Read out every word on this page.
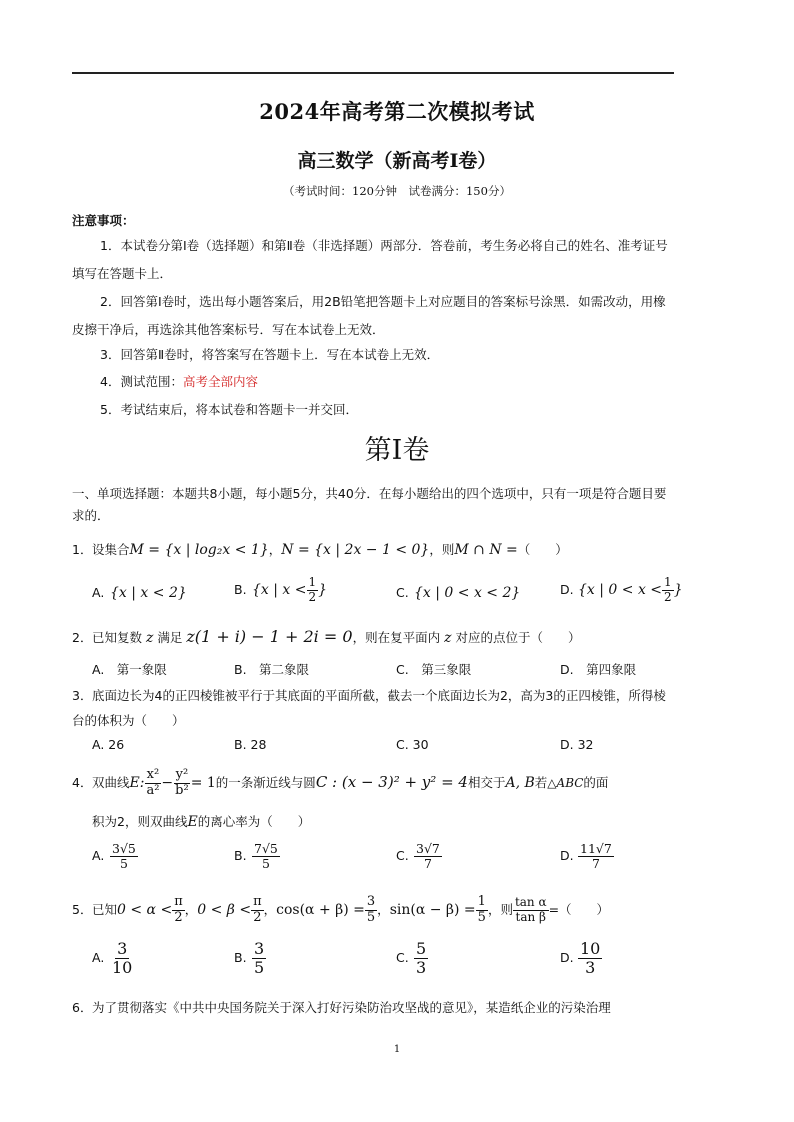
2024年高考第二次模拟考试
高三数学（新高考Ⅰ卷）
（考试时间：120分钟　试卷满分：150分）
注意事项：
1．本试卷分第Ⅰ卷（选择题）和第Ⅱ卷（非选择题）两部分．答卷前，考生务必将自己的姓名、准考证号填写在答题卡上．
2．回答第Ⅰ卷时，选出每小题答案后，用2B铅笔把答题卡上对应题目的答案标号涂黑．如需改动，用橡皮擦干净后，再选涂其他答案标号．写在本试卷上无效．
3．回答第Ⅱ卷时，将答案写在答题卡上．写在本试卷上无效．
4．测试范围：高考全部内容
5．考试结束后，将本试卷和答题卡一并交回．
第Ⅰ卷
一、单项选择题：本题共8小题，每小题5分，共40分．在每小题给出的四个选项中，只有一项是符合题目要求的．
1．设集合M = {x | log₂x < 1}，N = {x | 2x − 1 < 0}，则M ∩ N =（　　）
A. {x | x < 2}	B. {x | $x < \frac{1}{2}$ }	C. {x | 0 < x < 2}	D. {x | $0 < x < \frac{1}{2}$ }
2．已知复数 z 满足 z(1 + i) − 1 + 2i = 0，则在复平面内 z 对应的点位于（　　）
A.　第一象限	B.　第二象限	C.　第三象限	D.　第四象限
3．底面边长为4的正四棱锥被平行于其底面的平面所截，截去一个底面边长为2，高为3的正四棱锥，所得棱台的体积为（　　）
A. 26	B. 28	C. 30	D. 32
4．双曲线E: $\frac{\text{x²}}{\text{a²}} - \frac{\text{y²}}{\text{b²}} = 1$的一条渐近线与圆C : (x − 3)² + y² = 4相交于A, B若△ABC的面
积为2，则双曲线E的离心率为（　　）
A. $\frac{3√5}{5}$	B. $\frac{7√5}{5}$	C. $\frac{3√7}{7}$	D. $\frac{11√7}{7}$
5．已知$0 < \alpha < \frac{\pi}{2}$ ，$0 < \beta < \frac{\pi}{2}$ ，$\cos(\alpha + \beta) = \frac{3}{5}$ ，$\sin(\alpha - \beta) = \frac{1}{5}$ ，则 $\frac{\text{tan α}}{\text{tan β}}$ =（　　）
A. $\frac{3}{10}$	B. $\frac{3}{5}$	C. $\frac{5}{3}$	D. $\frac{10}{3}$
6．为了贯彻落实《中共中央国务院关于深入打好污染防治攻坚战的意见》，某造纸企业的污染治理
1
